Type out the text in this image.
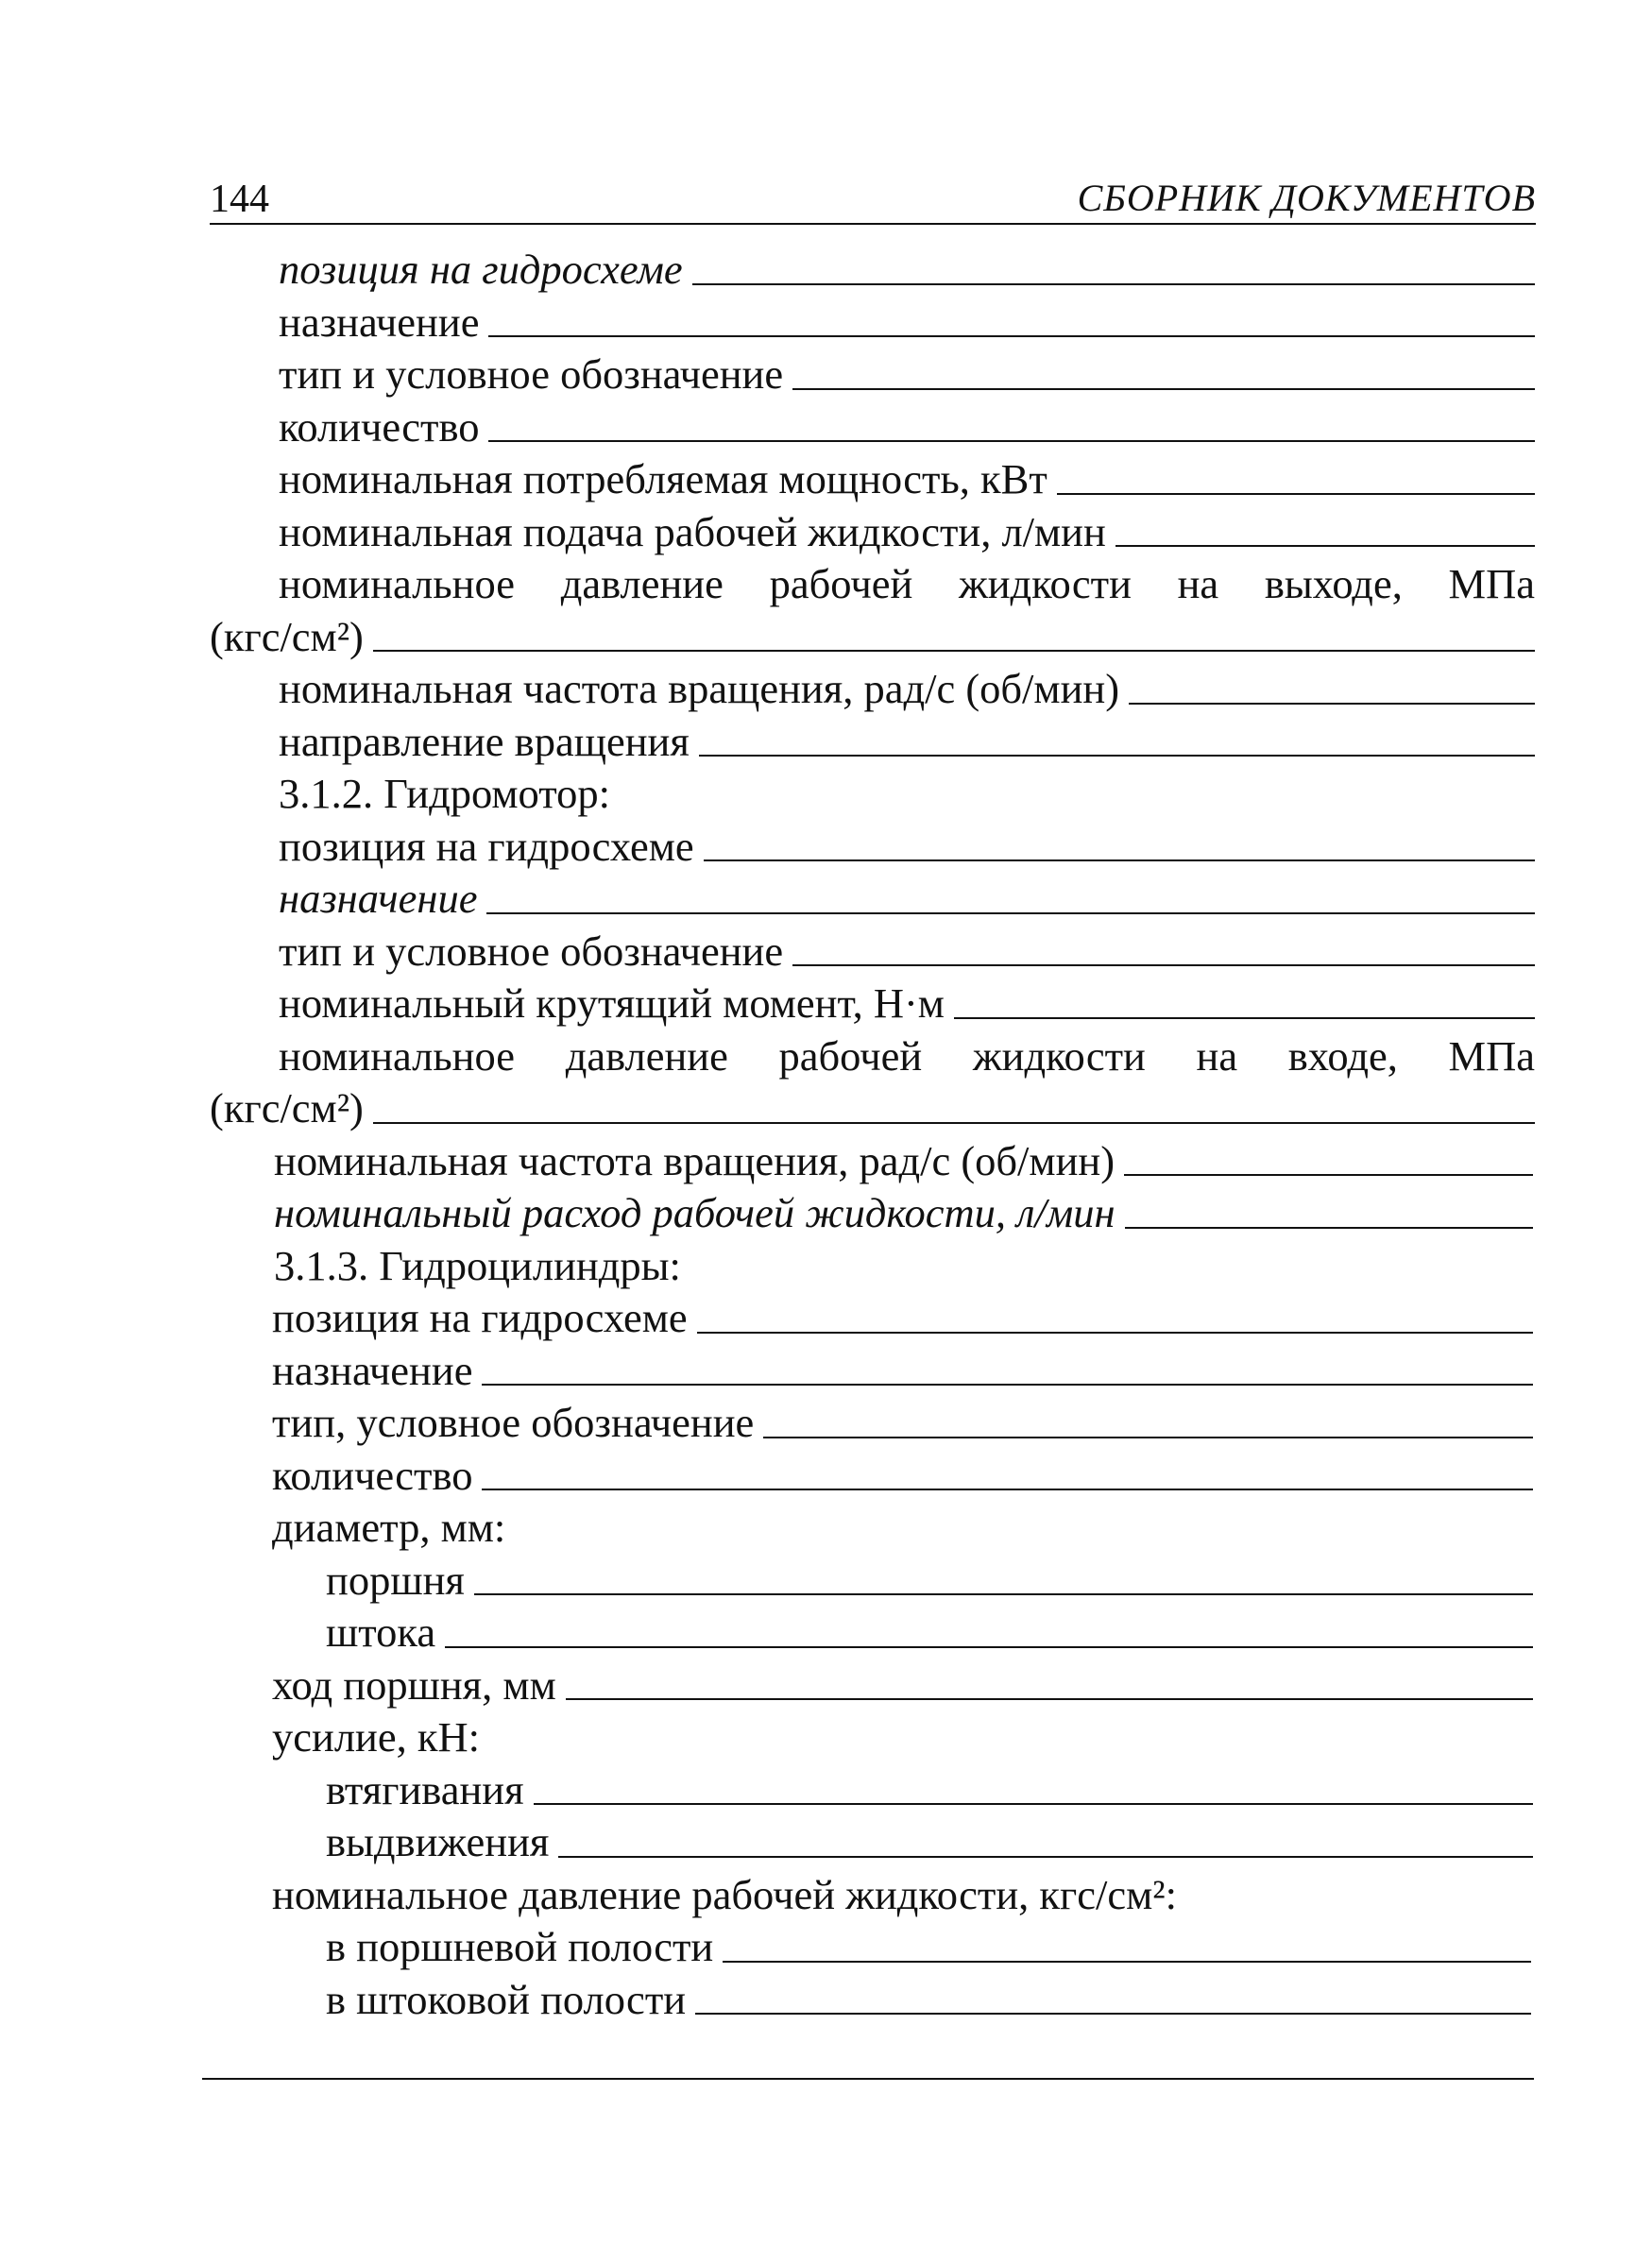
144	СБОРНИК ДОКУМЕНТОВ
позиция на гидросхеме
назначение
тип и условное обозначение
количество
номинальная потребляемая мощность, кВт
номинальная подача рабочей жидкости, л/мин
номинальное давление рабочей жидкости на выходе, МПа
(кгс/см²)
номинальная частота вращения, рад/с (об/мин)
направление вращения
3.1.2. Гидромотор:
позиция на гидросхеме
назначение
тип и условное обозначение
номинальный крутящий момент, Н·м
номинальное давление рабочей жидкости на входе, МПа
(кгс/см²)
номинальная частота вращения, рад/с (об/мин)
номинальный расход рабочей жидкости, л/мин
3.1.3. Гидроцилиндры:
позиция на гидросхеме
назначение
тип, условное обозначение
количество
диаметр, мм:
поршня
штока
ход поршня, мм
усилие, кН:
втягивания
выдвижения
номинальное давление рабочей жидкости, кгс/см²:
в поршневой полости
в штоковой полости
